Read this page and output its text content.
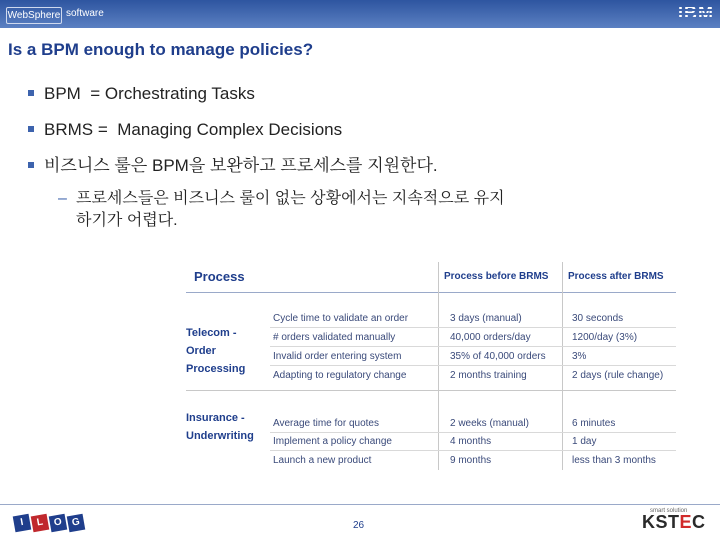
WebSphere software	IBM
Is a BPM enough to manage policies?
BPM  = Orchestrating Tasks
BRMS =  Managing Complex Decisions
비즈니스 룰은 BPM을 보완하고 프로세스를 지원한다.
– 프로세스들은 비즈니스 룰이 없는 상황에서는 지속적으로 유지
하기가 어렵다.
Process	Process before BRMS Process after BRMS
Telecom -
Order
Processing
Cycle time to validate an order	3 days (manual)	30 seconds
# orders validated manually	40,000 orders/day	1200/day (3%)
Invalid order entering system	35% of 40,000 orders	3%
Adapting to regulatory change	2 months training	2 days (rule change)
Insurance -
Underwriting
Average time for quotes	2 weeks (manual)	6 minutes
Implement a policy change	4 months	1 day
Launch a new product	9 months	less than 3 months
I L O G	26
smart solution
KSTEC
